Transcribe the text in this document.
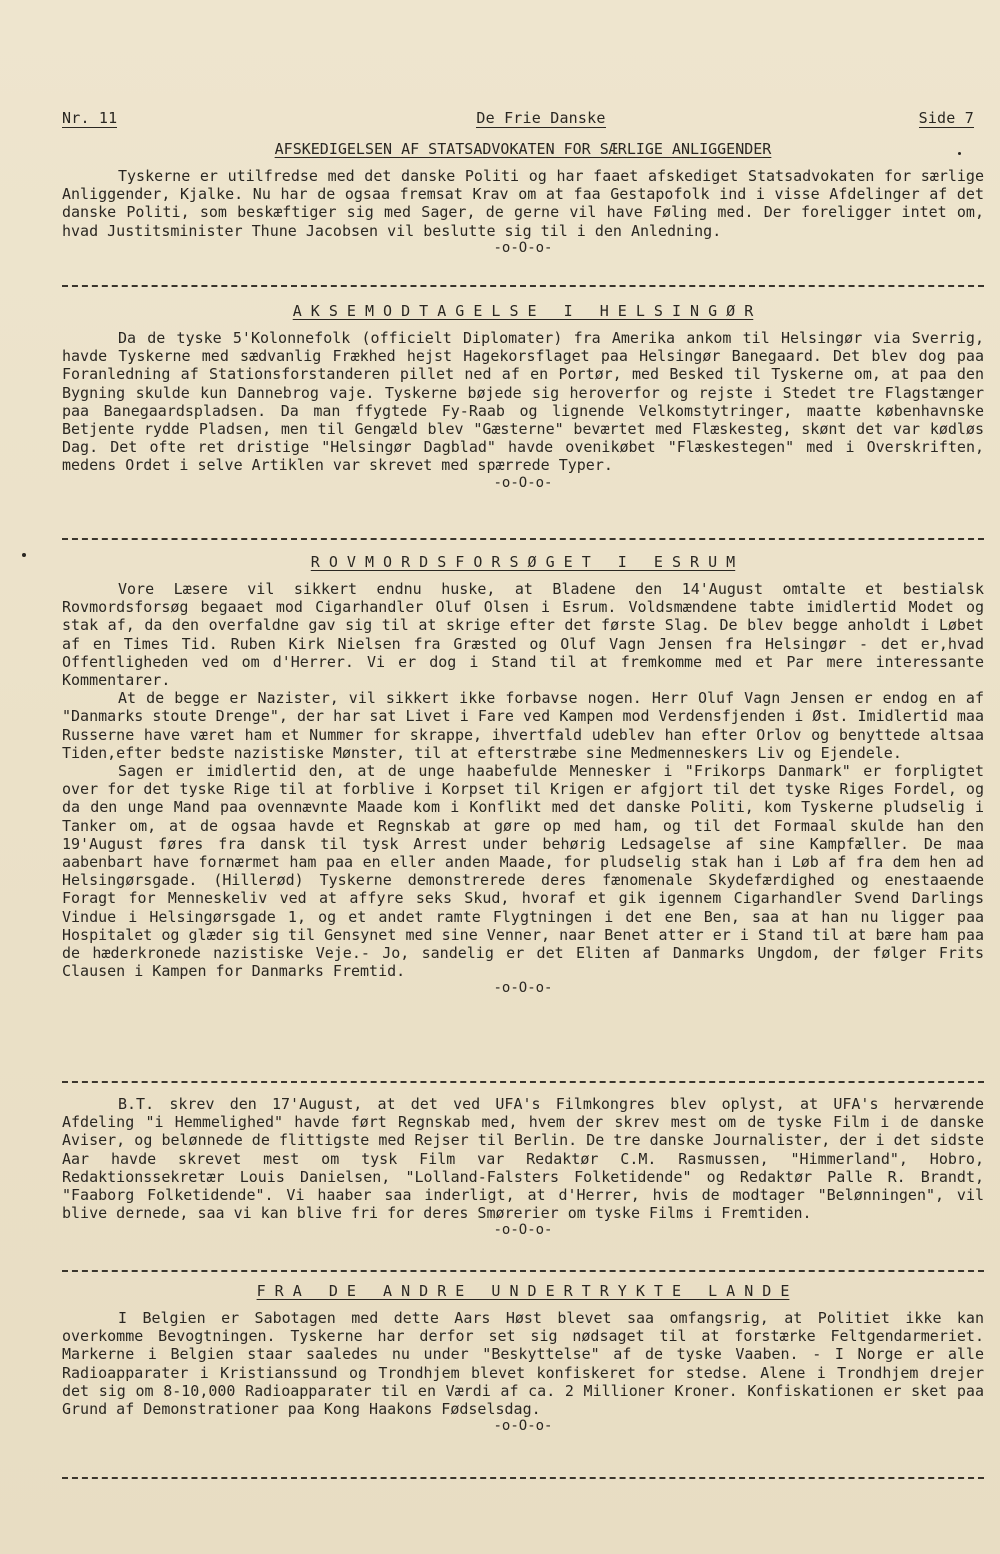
Nr. 11	De Frie Danske	Side 7
AFSKEDIGELSEN AF STATSADVOKATEN FOR SÆRLIGE ANLIGGENDER

Tyskerne er utilfredse med det danske Politi og har faaet afskediget Statsadvokaten for særlige Anliggender, Kjalke. Nu har de ogsaa fremsat Krav om at faa Gestapofolk ind i visse Afdelinger af det danske Politi, som beskæftiger sig med Sager, de gerne vil have Føling med. Der foreligger intet om, hvad Justitsminister Thune Jacobsen vil beslutte sig til i den Anledning.

-o-O-o-
A K S E M O D T A G E L S E   I   H E L S I N G Ø R

Da de tyske 5'Kolonnefolk (officielt Diplomater) fra Amerika ankom til Helsingør via Sverrig, havde Tyskerne med sædvanlig Frækhed hejst Hagekorsflaget paa Helsingør Banegaard. Det blev dog paa Foranledning af Stationsforstanderen pillet ned af en Portør, med Besked til Tyskerne om, at paa den Bygning skulde kun Dannebrog vaje. Tyskerne bøjede sig heroverfor og rejste i Stedet tre Flagstænger paa Banegaardspladsen. Da man ffygtede Fy-Raab og lignende Velkomstytringer, maatte københavnske Betjente rydde Pladsen, men til Gengæld blev "Gæsterne" beværtet med Flæskesteg, skønt det var kødløs Dag. Det ofte ret dristige "Helsingør Dagblad" havde ovenikøbet "Flæskestegen" med i Overskriften, medens Ordet i selve Artiklen var skrevet med spærrede Typer.

-o-O-o-
R O V M O R D S F O R S Ø G E T   I   E S R U M

Vore Læsere vil sikkert endnu huske, at Bladene den 14'August omtalte et bestialsk Rovmordsforsøg begaaet mod Cigarhandler Oluf Olsen i Esrum. Voldsmændene tabte imidlertid Modet og stak af, da den overfaldne gav sig til at skrige efter det første Slag. De blev begge anholdt i Løbet af en Times Tid. Ruben Kirk Nielsen fra Græsted og Oluf Vagn Jensen fra Helsingør - det er,hvad Offentligheden ved om d'Herrer. Vi er dog i Stand til at fremkomme med et Par mere interessante Kommentarer.

At de begge er Nazister, vil sikkert ikke forbavse nogen. Herr Oluf Vagn Jensen er endog en af "Danmarks stoute Drenge", der har sat Livet i Fare ved Kampen mod Verdensfjenden i Øst. Imidlertid maa Russerne have været ham et Nummer for skrappe, ihvertfald udeblev han efter Orlov og benyttede altsaa Tiden,efter bedste nazistiske Mønster, til at efterstræbe sine Medmenneskers Liv og Ejendele.

Sagen er imidlertid den, at de unge haabefulde Mennesker i "Frikorps Danmark" er forpligtet over for det tyske Rige til at forblive i Korpset til Krigen er afgjort til det tyske Riges Fordel, og da den unge Mand paa ovennævnte Maade kom i Konflikt med det danske Politi, kom Tyskerne pludselig i Tanker om, at de ogsaa havde et Regnskab at gøre op med ham, og til det Formaal skulde han den 19'August føres fra dansk til tysk Arrest under behørig Ledsagelse af sine Kampfæller. De maa aabenbart have fornærmet ham paa en eller anden Maade, for pludselig stak han i Løb af fra dem hen ad Helsingørsgade. (Hillerød) Tyskerne demonstrerede deres fænomenale Skydefærdighed og enestaaende Foragt for Menneskeliv ved at affyre seks Skud, hvoraf et gik igennem Cigarhandler Svend Darlings Vindue i Helsingørsgade 1, og et andet ramte Flygtningen i det ene Ben, saa at han nu ligger paa Hospitalet og glæder sig til Gensynet med sine Venner, naar Benet atter er i Stand til at bære ham paa de hæderkronede nazistiske Veje.- Jo, sandelig er det Eliten af Danmarks Ungdom, der følger Frits Clausen i Kampen for Danmarks Fremtid.

-o-O-o-

B.T. skrev den 17'August, at det ved UFA's Filmkongres blev oplyst, at UFA's herværende Afdeling "i Hemmelighed" havde ført Regnskab med, hvem der skrev mest om de tyske Film i de danske Aviser, og belønnede de flittigste med Rejser til Berlin. De tre danske Journalister, der i det sidste Aar havde skrevet mest om tysk Film var Redaktør C.M. Rasmussen, "Himmerland", Hobro, Redaktionssekretær Louis Danielsen, "Lolland-Falsters Folketidende" og Redaktør Palle R. Brandt, "Faaborg Folketidende". Vi haaber saa inderligt, at d'Herrer, hvis de modtager "Belønningen", vil blive dernede, saa vi kan blive fri for deres Smørerier om tyske Films i Fremtiden.

-o-O-o-
F R A   D E   A N D R E   U N D E R T R Y K T E   L A N D E

I Belgien er Sabotagen med dette Aars Høst blevet saa omfangsrig, at Politiet ikke kan overkomme Bevogtningen. Tyskerne har derfor set sig nødsaget til at forstærke Feltgendarmeriet. Markerne i Belgien staar saaledes nu under "Beskyttelse" af de tyske Vaaben. - I Norge er alle Radioapparater i Kristianssund og Trondhjem blevet konfiskeret for stedse. Alene i Trondhjem drejer det sig om 8-10,000 Radioapparater til en Værdi af ca. 2 Millioner Kroner. Konfiskationen er sket paa Grund af Demonstrationer paa Kong Haakons Fødselsdag.

-o-O-o-
